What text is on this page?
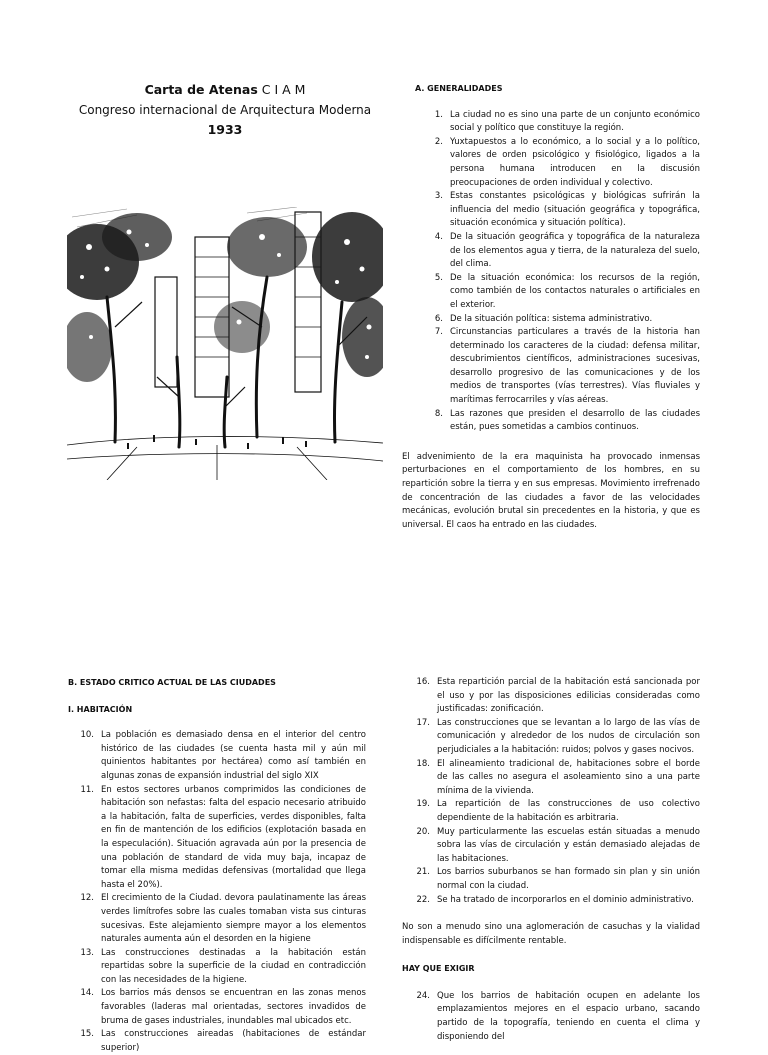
Carta de Atenas C I A M
Congreso internacional de Arquitectura Moderna
1933
A. GENERALIDADES
1. La ciudad no es sino una parte de un conjunto económico social y político que constituye la región.
2. Yuxtapuestos a lo económico, a lo social y a lo político, valores de orden psicológico y fisiológico, ligados a la persona humana introducen en la discusión preocupaciones de orden individual y colectivo.
3. Estas constantes psicológicas y biológicas sufrirán la influencia del medio (situación geográfica y topográfica, situación económica y situación política).
4. De la situación geográfica y topográfica de la naturaleza de los elementos agua y tierra, de la naturaleza del suelo, del clima.
5. De la situación económica: los recursos de la región, como también de los contactos naturales o artificiales en el exterior.
6. De la situación política: sistema administrativo.
7. Circunstancias particulares a través de la historia han determinado los caracteres de la ciudad: defensa militar, descubrimientos científicos, administraciones sucesivas, desarrollo progresivo de las comunicaciones y de los medios de transportes (vías terrestres). Vías fluviales y marítimas ferrocarriles y vías aéreas.
8. Las razones que presiden el desarrollo de las ciudades están, pues sometidas a cambios continuos.

El advenimiento de la era maquinista ha provocado inmensas perturbaciones en el comportamiento de los hombres, en su repartición sobre la tierra y en sus empresas. Movimiento irrefrenado de concentración de las ciudades a favor de las velocidades mecánicas, evolución brutal sin precedentes en la historia, y que es universal. El caos ha entrado en las ciudades.

B. ESTADO CRITICO ACTUAL DE LAS CIUDADES
I. HABITACIÓN
10. La población es demasiado densa en el interior del centro histórico de las ciudades (se cuenta hasta mil y aún mil quinientos habitantes por hectárea) como así también en algunas zonas de expansión industrial del siglo XIX
11. En estos sectores urbanos comprimidos las condiciones de habitación son nefastas: falta del espacio necesario atribuido a la habitación, falta de superficies, verdes disponibles, falta en fin de mantención de los edificios (explotación basada en la especulación). Situación agravada aún por la presencia de una población de standard de vida muy baja, incapaz de tomar ella misma medidas defensivas (mortalidad que llega hasta el 20%).
12. El crecimiento de la Ciudad. devora paulatinamente las áreas verdes limítrofes sobre las cuales tomaban vista sus cinturas sucesivas. Este alejamiento siempre mayor a los elementos naturales aumenta aún el desorden en la higiene
13. Las construcciones destinadas a la habitación están repartidas sobre la superficie de la ciudad en contradicción con las necesidades de la higiene.
14. Los barrios más densos se encuentran en las zonas menos favorables (laderas mal orientadas, sectores invadidos de bruma de gases industriales, inundables mal ubicados etc.
15. Las construcciones aireadas (habitaciones de estándar superior)
16. Esta repartición parcial de la habitación está sancionada por el uso y por las disposiciones edilicias consideradas como justificadas: zonificación.
17. Las construcciones que se levantan a lo largo de las vías de comunicación y alrededor de los nudos de circulación son perjudiciales a la habitación: ruidos; polvos y gases nocivos.
18. El alineamiento tradicional de, habitaciones sobre el borde de las calles no asegura el asoleamiento sino a una parte mínima de la vivienda.
19. La repartición de las construcciones de uso colectivo dependiente de la habitación es arbitraria.
20. Muy particularmente las escuelas están situadas a menudo sobra las vías de circulación y están demasiado alejadas de las habitaciones.
21. Los barrios suburbanos se han formado sin plan y sin unión normal con la ciudad.
22. Se ha tratado de incorporarlos en el dominio administrativo.

No son a menudo sino una aglomeración de casuchas y la vialidad indispensable es difícilmente rentable.

HAY QUE EXIGIR
24. Que los barrios de habitación ocupen en adelante los emplazamientos mejores en el espacio urbano, sacando partido de la topografía, teniendo en cuenta el clima y disponiendo del
